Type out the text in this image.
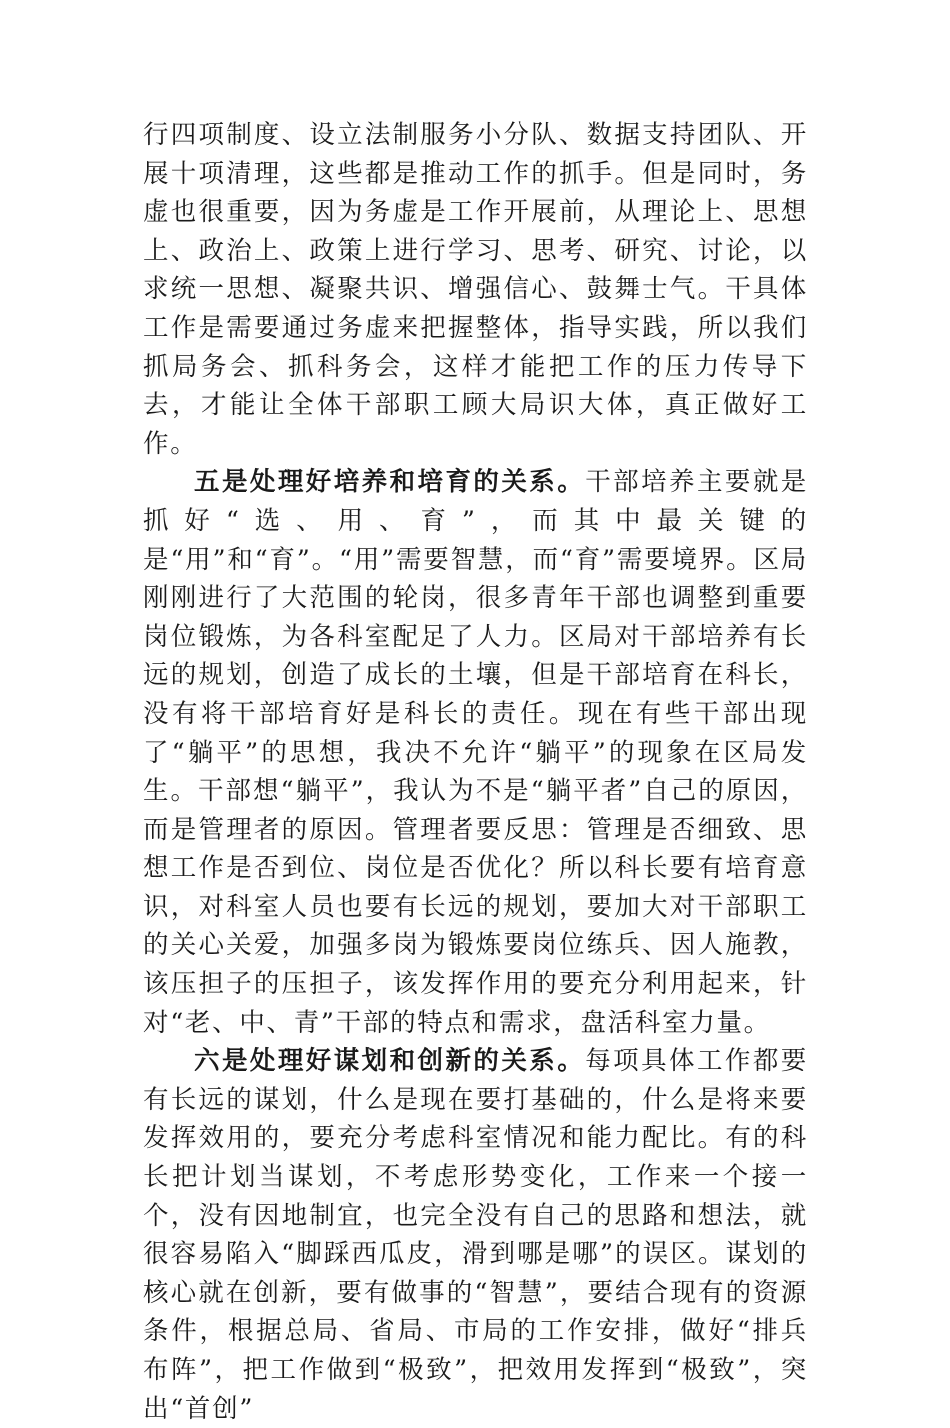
行四项制度、设立法制服务小分队、数据支持团队、开展十项清理，这些都是推动工作的抓手。但是同时，务虚也很重要，因为务虚是工作开展前，从理论上、思想上、政治上、政策上进行学习、思考、研究、讨论，以求统一思想、凝聚共识、增强信心、鼓舞士气。干具体工作是需要通过务虚来把握整体，指导实践，所以我们抓局务会、抓科务会，这样才能把工作的压力传导下去，才能让全体干部职工顾大局识大体，真正做好工作。

五是处理好培养和培育的关系。干部培养主要就是抓好“选、用、育”，而其中最关键的是“用”和“育”。“用”需要智慧，而“育”需要境界。区局刚刚进行了大范围的轮岗，很多青年干部也调整到重要岗位锻炼，为各科室配足了人力。区局对干部培养有长远的规划，创造了成长的土壤，但是干部培育在科长，没有将干部培育好是科长的责任。现在有些干部出现了“躺平”的思想，我决不允许“躺平”的现象在区局发生。干部想“躺平”，我认为不是“躺平者”自己的原因，而是管理者的原因。管理者要反思：管理是否细致、思想工作是否到位、岗位是否优化？所以科长要有培育意识，对科室人员也要有长远的规划，要加大对干部职工的关心关爱，加强多岗为锻炼要岗位练兵、因人施教，该压担子的压担子，该发挥作用的要充分利用起来，针对“老、中、青”干部的特点和需求，盘活科室力量。

六是处理好谋划和创新的关系。每项具体工作都要有长远的谋划，什么是现在要打基础的，什么是将来要发挥效用的，要充分考虑科室情况和能力配比。有的科长把计划当谋划，不考虑形势变化，工作来一个接一个，没有因地制宜，也完全没有自己的思路和想法，就很容易陷入“脚踩西瓜皮，滑到哪是哪”的误区。谋划的核心就在创新，要有做事的“智慧”，要结合现有的资源条件，根据总局、省局、市局的工作安排，做好“排兵布阵”，把工作做到“极致”，把效用发挥到“极致”，突出“首创”
